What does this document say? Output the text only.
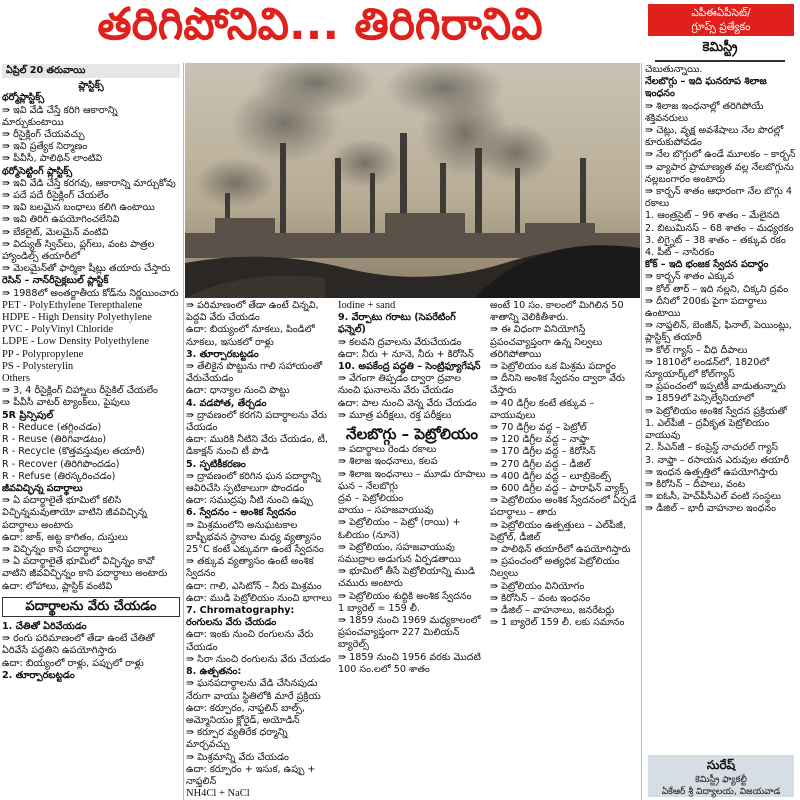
తరిగిపోనివి... తిరిగిరానివి	ఎపీఈఏపీసెట్/
గ్రూప్స్ ప్రత్యేకం
కెమిస్ట్రీ
ఏప్రిల్ 20 తరువాయి

ప్లాస్టిక్స్

థర్మోప్లాస్టిక్స్

⇛ ఇవి వేడి చేస్తే కరిగి ఆకారాన్ని మార్చుకుంటాయి

⇛ రీసైక్లింగ్ చేయవచ్చు

⇛ ఇవి ప్రత్యేక నిర్మాణం

⇛ పీవీసీ, పాలిథిన్ లాంటివి

థర్మోసెట్టింగ్ ప్లాస్టిక్స్

⇛ ఇవి వేడి చేస్తే కరగవు, ఆకారాన్ని మార్చుకోవు

⇛ పదే పదే రీసైక్లింగ్ చేయలేం

⇛ ఇవి బలమైన బంధాలు కలిగి ఉంటాయి

⇛ ఇవి తిరిగి ఉపయోగించలేనివి

⇛ బేకలైట్, మెలమైన్ వంటివి

⇛ విద్యుత్ స్విచ్‌లు, ప్లగ్‌లు, వంట పాత్రల హ్యాండిల్స్ తయారీలో

⇛ మెలమైన్‌తో ఫార్మికా షీట్లు తయారు చేస్తారు

రెసిన్ – నాన్‌రీసైక్లబుల్ ప్లాస్టిక్

⇛ 1988లో అంతర్జాతీయ కోడ్‌ను నిర్ణయించారు

PET - PolyEthylene Terepthalene

HDPE - High Density Polyethylene

PVC - PolyVinyl Chloride

LDPE - Low Density Polyethylene

PP - Polypropylene

PS - Polysterylin

Others

⇛ 3, 4 రీసైక్లింగ్ చిహ్నాలు రీసైకిల్ చేయలేం

⇛ పీవీసీ వాటర్ ట్యాంక్‌లు, పైపులు

5R ప్రిన్సిపుల్

R - Reduce (తగ్గించడం)

R - Reuse (తిరిగివాడటం)

R - Recycle (కొత్తవస్తువుల తయారీ)

R - Recover (తిరిగిపొందడం)

R - Refuse (తిరస్కరించడం)

జీవవిచ్ఛిన్న పదార్థాలు

⇛ ఏ పదార్థాలైతే భూమిలో కలిసి విచ్ఛిన్నమవుతాయో వాటిని జీవవిచ్ఛిన్న పదార్థాలు అంటారు

ఉదా: జాక్, అట్ట కాగితం, దుస్తులు

⇛ విచ్ఛిన్నం కాని పదార్థాలు

⇛ ఏ పదార్థాలైతే భూమిలో విచ్ఛిన్నం కావో వాటిని జీవవిచ్ఛిన్నం కాని పదార్థాలు అంటారు

ఉదా: లోహాలు, ప్లాస్టిక్ వంటివి

పదార్థాలను వేరు చేయడం

1. చేతితో ఏరివేయడం

⇛ రంగు పరిమాణంలో తేడా ఉంటే చేతితో ఏరివేసే పద్ధతిని ఉపయోగిస్తారు

ఉదా: బియ్యంలో రాళ్లు, పప్పులో రాళ్లు

2. తూర్పారబట్టడం

⇛ పరిమాణంలో తేడా ఉంటే చిన్నవి, పెద్దవి వేరు చేయడం

ఉదా: బియ్యంలో నూకలు, పిండిలో నూకలు, ఇసుకలో రాళ్లు

3. తూర్పారబట్టడం

⇛ తేలికైన పొట్టును గాలి సహాయంతో వేరుచేయడం

ఉదా: ధాన్యాల నుంచి పొట్టు

4. వడపోత, తేర్చడం

⇛ ద్రావణంలో కరగని పదార్థాలను వేరు చేయడం

ఉదా: మురికి నీటిని వేరు చేయడం, టీ, డికాక్షన్ నుంచి టీ పొడి

5. స్ఫటికీకరణం

⇛ ద్రావణంలో కరిగిన ఘన పదార్థాన్ని ఆవిరిచేసి స్ఫటికాలుగా పొందడం

ఉదా: సముద్రపు నీటి నుంచి ఉప్పు

6. స్వేదనం – అంశిక స్వేదనం

⇛ మిశ్రమంలోని అనుఘటకాల బాష్పీభవన స్థానాల మధ్య వ్యత్యాసం 25°C కంటే ఎక్కువగా ఉంటే స్వేదనం

⇛ తక్కువ వ్యత్యాసం ఉంటే అంశిక స్వేదనం

ఉదా: గాలి, ఎసిటోన్ – నీరు మిశ్రమం

ఉదా: ముడి పెట్రోలియం నుంచి భాగాలు

7. Chromatography: రంగులను వేరు చేయడం

ఉదా: ఇంకు నుంచి రంగులను వేరు చేయడం

⇛ సిరా నుంచి రంగులను వేరు చేయడం

8. ఉత్పతనం:

⇛ ఘనపదార్థాలను వేడి చేసినపుడు నేరుగా వాయు స్థితిలోకి మారే ప్రక్రియ

ఉదా: కర్పూరం, నాఫ్తలిన్ బాల్స్, అమ్మోనియం క్లోరైడ్, అయోడిన్

⇛ కర్పూర వ్యతిరేక ధర్మాన్ని మార్చవచ్చు

⇛ మిశ్రమాన్ని వేరు చేయడం

ఉదా: కర్పూరం + ఇసుక, ఉప్పు + నాఫ్తలిన్

NH4Cl + NaCl

Iodine + sand

9. వేర్పాటు గరాటు (సెపరేటింగ్ ఫన్నెల్)

⇛ కలవని ద్రవాలను వేరుచేయడం

ఉదా: నీరు + నూనె, నీరు + కిరోసిన్

10. అపకేంద్ర పద్ధతి – సెంట్రిఫ్యూగేషన్

⇛ వేగంగా తిప్పడం ద్వారా ద్రవాల నుంచి ఘనాలను వేరు చేయడం

ఉదా: పాల నుంచి వెన్న వేరు చేయడం

⇛ మూత్ర పరీక్షలు, రక్త పరీక్షలు

నేలబొగ్గు – పెట్రోలియం

⇛ పదార్థాలు రెండు రకాలు

⇛ శిలాజ ఇంధనాలు, కలప

⇛ శిలాజ ఇంధనాలు – మూడు రూపాలు

ఘన – నేలబొగ్గు

ద్రవ – పెట్రోలియం

వాయు – సహజవాయువు

⇛ పెట్రోలియం – పెట్రో (రాయి) + ఓలియం (నూనె)

⇛ పెట్రోలియం, సహజవాయువు సముద్రాల అడుగున ఏర్పడతాయి

⇛ భూమిలో తీసే పెట్రోలియాన్ని ముడి చమురు అంటారు

⇛ పెట్రోలియం శుద్ధికి అంశిక స్వేదనం

1 బ్యారెల్ = 159 లీ.

⇛ 1859 నుంచి 1969 మధ్యకాలంలో ప్రపంచవ్యాప్తంగా 227 మిలియన్ బ్యారెల్స్

⇛ 1859 నుంచి 1956 వరకు మొదటి 100 సం.లలో 50 శాతం

అంటే 10 సం. కాలంలో మిగిలిన 50 శాతాన్ని వెలికితీశారు.

⇛ ఈ విధంగా వినియోగిస్తే ప్రపంచవ్యాప్తంగా ఉన్న నిల్వలు తరిగిపోతాయి

⇛ పెట్రోలియం ఒక మిశ్రమ పదార్థం

⇛ దీనిని అంశిక స్వేదనం ద్వారా వేరు చేస్తారు

⇛ 40 డిగ్రీల కంటే తక్కువ – వాయువులు

⇛ 70 డిగ్రీల వద్ద – పెట్రోల్

⇛ 120 డిగ్రీల వద్ద – నాఫ్తా

⇛ 170 డిగ్రీల వద్ద – కిరోసిన్

⇛ 270 డిగ్రీల వద్ద – డీజిల్

⇛ 400 డిగ్రీల వద్ద – లూబ్రికెంట్స్

⇛ 600 డిగ్రీల వద్ద – పారాఫిన్ వ్యాక్స్

⇛ పెట్రోలియం అంశిక స్వేదనంలో ఏర్పడే పదార్థాలు – తారు

⇛ పెట్రోలియం ఉత్పత్తులు – ఎల్‌పీజీ, పెట్రోల్, డీజిల్

⇛ పాలిథిన్ తయారీలో ఉపయోగిస్తారు

⇛ ప్రపంచంలో అత్యధిక పెట్రోలియం నిల్వలు

⇛ పెట్రోలియం వినియోగం

⇛ కిరోసిన్ – వంట ఇంధనం

⇛ డీజిల్ – వాహనాలు, జనరేటర్లు

⇛ 1 బ్యారెల్ 159 లీ. లకు సమానం

చెబుతున్నాయి.

నేలబొగ్గు – ఇది ఘనరూప శిలాజ ఇంధనం

⇛ శిలాజ ఇంధనాల్లో తరిగిపోయే శక్తివనరులు

⇛ చెట్లు, వృక్ష అవశేషాలు నేల పొరల్లో కూరుకుపోవడం

⇛ నేల బొగ్గులో ఉండే మూలకం – కార్బన్

⇛ వ్యాపార ప్రామాణ్యత వల్ల నేలబొగ్గును నల్లబంగారం అంటారు

⇛ కార్బన్ శాతం ఆధారంగా నేల బొగ్గు 4 రకాలు

1. ఆంత్రసైట్ – 96 శాతం – మేలైనది

2. బిటుమినస్ – 68 శాతం – మధ్యరకం

3. లిగ్నైట్ – 38 శాతం – తక్కువ రకం

4. పీట్ – నాసిరకం

కోక్ – ఇది భంజక స్వేదన పదార్థం

⇛ కార్బన్ శాతం ఎక్కువ

⇛ కోల్ తార్ – ఇది నల్లని, చిక్కని ద్రవం

⇛ దీనిలో 200కు పైగా పదార్థాలు ఉంటాయి

⇛ నాఫ్తలిన్, బెంజీన్, ఫినాల్, పెయింట్లు, ప్లాస్టిక్స్ తయారీ

⇛ కోల్ గ్యాస్ – వీధి దీపాలు

⇛ 1810లో లండన్‌లో, 1820లో న్యూయార్క్‌లో కోల్‌గ్యాస్

⇛ ప్రపంచంలో ఇప్పటికీ వాడుతున్నారు

⇛ 1859లో పెన్సిల్వేనియాలో

⇛ పెట్రోలియం అంశిక స్వేదన ప్రక్రియతో

1. ఎల్‌పీజీ – ద్రవీకృత పెట్రోలియం వాయువు

2. సీఎన్‌జీ – కంప్రెస్డ్ నాచురల్ గ్యాస్

3. నాఫ్తా – రసాయన ఎరువుల తయారీ

⇛ ఇంధన ఉత్పత్తిలో ఉపయోగిస్తారు

⇛ కిరోసిన్ – దీపాలు, వంట

⇛ ఐఓసీ, హెచ్‌పీసీఎల్ వంటి సంస్థలు

⇛ డీజిల్ – భారీ వాహనాల ఇంధనం

సురేష్
కెమిస్ట్రీ ఫ్యాకల్టీ
ఏకేఆర్ శ్రీ విద్యాలయ, విజయవాడ
